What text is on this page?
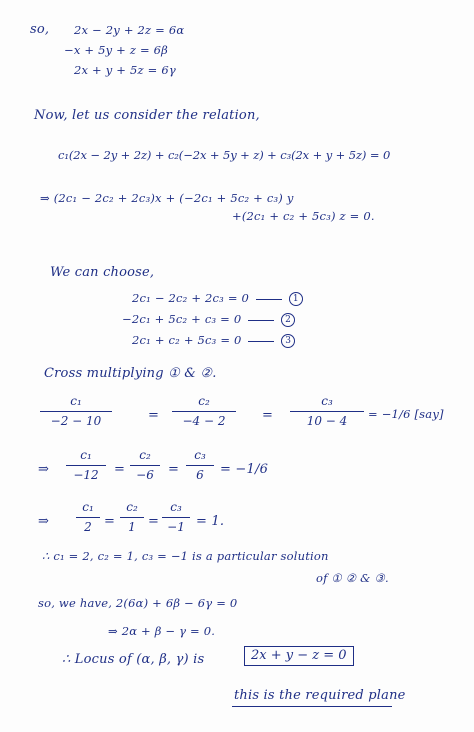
so, 2x − 2y + 2z = 6α
−x + 5y + z = 6β
2x + y + 5z = 6γ
Now, let us consider the relation,
c₁(2x − 2y + 2z) + c₂(−2x + 5y + z) + c₃(2x + y + 5z) = 0
⇒ (2c₁ − 2c₂ + 2c₃)x + (−2c₁ + 5c₂ + c₃) y
+(2c₁ + c₂ + 5c₃) z = 0.
We can choose,
2c₁ − 2c₂ + 2c₃ = 0	1
−2c₁ + 5c₂ + c₃ = 0	2
2c₁ + c₂ + 5c₃ = 0	3
Cross multiplying ① & ②.
c₁
−2 − 10	=
c₂
−4 − 2	=
c₃
10 − 4	= −1/6 [say]
⇒
c₁
−12	=
c₂
−6	=
c₃
6	= −1/6
⇒
c₁
2 =
c₂
1 =
c₃
−1 = 1.
∴ c₁ = 2, c₂ = 1, c₃ = −1 is a particular solution
of ① ② & ③.
so, we have, 2(6α) + 6β − 6γ = 0
⇒ 2α + β − γ = 0.
∴ Locus of (α, β, γ) is	2x + y − z = 0
this is the required plane
